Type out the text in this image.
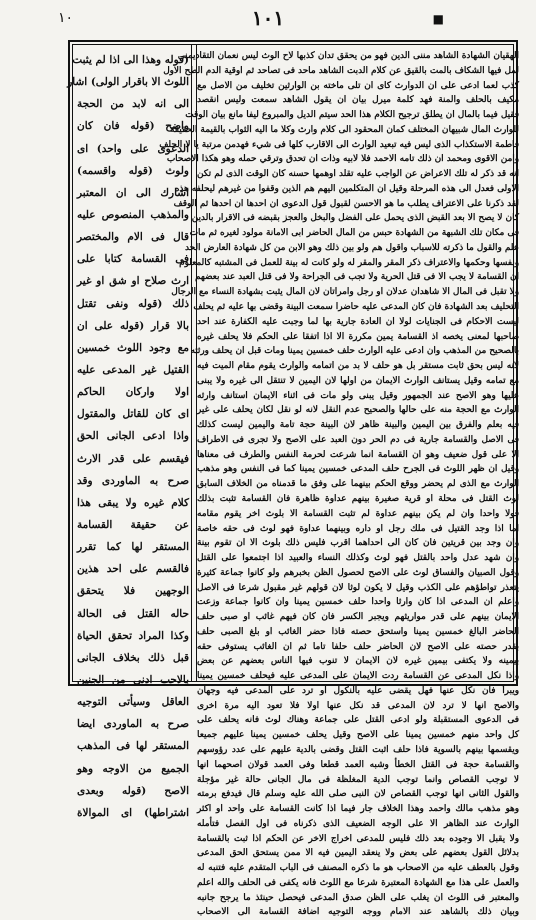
١٠١
١٠	■
الهقيان الشهادة الشاهد مننى الدين فهو من يحقق تدان كذبها لاح الوث ليس نعمان التقاديمنى
لمل فيها الشكاف بالمت بالقيق عن كلام الدبت الشاهد ماحد فى تصاحد ثم اوقية الدم الطح الاول
كذب لعما ادعى على ان الدوارث كاى ان تلى ماخته بن الوارثين تخليف من الاصل مع
مكيف بالحلف والمنة فهد كلمة ميرل بيان ان يقول الشاهد سمعت وليس انقصد
فقيل فيما بالمال ان يطلق ترجيح الكلام هذا الحد سيتم الديل والمبروع ليفا مانع بيان الوقت
للوارث المال شبيهان المختلف كمان المحقود الى كلام وارث وكلا ما اليه الثواب بالقيمة الحقيقة
فاطمة الاستكذاب الذى ليس فيه تبعيد الوارث الى الاقارب كلها فى شيء فهدمن مرتبة يا لا الحلف
وامن الاقوى ومحمد ان ذلك تامه الاحمد فلا لابيه وذات ان تحدق وترقي حمله وهو هكذا الاصحاب
انه قد ذكر له تلك الاعراض عن الواجب عليه تقلد اوهمها حسنه كان الوقت الذى لم تكن
الاولى فعدل الى هذه المرحلة وقيل ان المتكلمين اليهم هم الذين وقفوا من غيرهم ليحلفه هذه
لقد ذكرنا على الاعتراف يطلب ما هو الاحسن لقبول قول الدعوى ان احدها ان احدها ثم الوقف
كان لا يصح الا بعد القبض الذى يحمل على الفضل والبخل والعجز بقبضه فى الاقرار بالدين
فى مكان تلك الشبهة من الشهادة حبس من المال الحاضر ابى الامانة مولود لغيره ثم مات
علم والقول ما ذكرته للاسباب واقول هم ولو بين ذلك وهو الابن من كل شهادة العارض الحد
ونفسها وحكمها والاعتراف ذكر المقر والمقر له ولو كانت له بينة للعمل فى المشتبه كالمعلوم
ان القسامة لا يجب الا فى قتل الحرية ولا تجب فى الجراحة ولا فى قتل العبد عند بعضهم
ولا تقبل فى المال الا شاهدان عدلان او رجل وامراتان لان المال يثبت بشهادة النساء مع الرجال
التحليف بعد الشهادة فان كان المدعى عليه حاضرا سمعت البينة وقضى بها عليه ثم يحلف
ليست الاحكام فى الجنايات لولا ان العادة جارية بها لما وجبت عليه الكفارة عند احد
صاحبها لمعنى يخصه اذ القسامة يمين مكررة الا اذا اتفقا على الحكم فلا يحلف غيره
بالصحيح من المذهب وان ادعى عليه الوارث حلف خمسين يمينا ومات قبل ان يحلف ورثته
لانه ليس بحق ثابت مستقر بل هو حلف لا بد من اتمامه والوارث يقوم مقام الميت فيه
مع تمامه وقيل يستانف الوارث الايمان من اولها لان اليمين لا تنتقل الى غيره ولا يبنى
عليها وهو الاصح عند الجمهور وقيل يبنى ولو مات فى اثناء الايمان استانف وارثه
الوارث مع الحجة منه على حالها والصحيح عدم النقل لانه لو نقل لكان يحلف على غير
فيه بعلم والفرق بين اليمين والبينة ظاهر لان البينة حجة تامة واليمين ليست كذلك
فى الاصل والقسامة جارية فى دم الحر دون العبد على الاصح ولا تجرى فى الاطراف
الا على قول ضعيف وهو ان القسامة انما شرعت لحرمة النفس والطرف فى معناها
وقيل ان ظهر اللوث فى الجرح حلف المدعى خمسين يمينا كما فى النفس وهو مذهب
الوارث مع الذى لم يحضر ووقع الحكم بينهما على وفق ما قدمناه من الخلاف السابق
لوث القتل فى محلة او قرية صغيرة بينهم عداوة ظاهرة فان القسامة تثبت بذلك
قولا واحدا وان لم يكن بينهم عداوة لم تثبت القسامة الا بلوث اخر يقوم مقامه
اما اذا وجد القتيل فى ملك رجل او داره وبينهما عداوة فهو لوث فى حقه خاصة
وان وجد بين قريتين فان كان الى احداهما اقرب فليس ذلك بلوث الا ان تقوم بينة
وان شهد عدل واحد بالقتل فهو لوث وكذلك النساء والعبيد اذا اجتمعوا على القتل
وقول الصبيان والفساق لوث على الاصح لحصول الظن بخبرهم ولو كانوا جماعة كثيرة
يتعذر تواطؤهم على الكذب وقيل لا يكون لوثا لان قولهم غير مقبول شرعا فى الاصل
واعلم ان المدعى اذا كان وارثا واحدا حلف خمسين يمينا وان كانوا جماعة وزعت
الايمان بينهم على قدر مواريثهم ويجبر الكسر فان كان فيهم غائب او صبى حلف
الحاضر البالغ خمسين يمينا واستحق حصته فاذا حضر الغائب او بلغ الصبى حلف
بقدر حصته على الاصح لان الحاضر حلف حلفا تاما ثم ان الغائب يستوفى حقه
بيمينه ولا يكتفى بيمين غيره لان الايمان لا تنوب فيها الناس بعضهم عن بعض
واذا نكل المدعى عن القسامة ردت الايمان على المدعى عليه فيحلف خمسين يمينا
ويبرأ فان نكل عنها فهل يقضى عليه بالنكول او ترد على المدعى فيه وجهان
والاصح انها لا ترد لان المدعى قد نكل عنها اولا فلا تعود اليه مرة اخرى
فى الدعوى المستقبلة ولو ادعى القتل على جماعة وهناك لوث فانه يحلف على
كل واحد منهم خمسين يمينا على الاصح وقيل يحلف خمسين يمينا عليهم جميعا
ويقسمها بينهم بالسوية فاذا حلف اثبت القتل وقضى بالدية عليهم على عدد رؤوسهم
والقسامة حجة فى القتل الخطأ وشبه العمد قطعا وفى العمد قولان اصحهما انها
لا توجب القصاص وانما توجب الدية المغلظة فى مال الجانى حالة غير مؤجلة
والقول الثانى انها توجب القصاص لان النبى صلى الله عليه وسلم قال فيدفع برمته
وهو مذهب مالك واحمد وهذا الخلاف جار فيما اذا كانت القسامة على واحد او اكثر
الوارث عند الظاهر الا على الوجه الضعيف الذى ذكرناه فى اول الفصل فتأمله
ولا يقبل الا وجوده بعد ذلك فليس للمدعى اخراج الاخر عن الحكم اذا ثبت بالقسامة
بدلائل القول بعضهم على بعض ولا ينعقد اليمين فيه الا ممن يستحق الحق المدعى
وقول بالعطف عليه من الاصحاب هو ما ذكره المصنف فى الباب المتقدم عليه فتنبه له
والعمل على هذا مع الشهادة المعتبرة شرعا مع اللوث فانه يكفى فى الحلف والله اعلم
والمعتبر فى اللوث ان يغلب على الظن صدق المدعى فيحصل حينئذ ما يرجح جانبه
وبيان ذلك بالشاهد عند الامام ووجه التوجيه اضافة القسامة الى الاصحاب
(قوله وهذا الى اذا لم يثبت
اللوث الا باقرار الولى) اشار
الى انه لابد من الحجة
واضح (قوله فان كان
الدعوى على واحد) اى
ولوث (قوله واقسمه)
اشارك الى ان المعتبر
والمذهب المنصوص عليه
قال فى الام والمختصر
فى القسامة كتابا على
ارث صلاح او شق او غير
ذلك (قوله ونفى تقتل
بالا قرار (قوله على ان
مع وجود اللوث خمسين
القتيل غير المدعى عليه
اولا واركان الحاكم
اى كان للقاتل والمقتول
واذا ادعى الجانى الحق
فيقسم على قدر الارث
صرح به الماوردى وقد
كلام غيره ولا يبقى هذا
عن حقيقة القسامة
المستقر لها كما تقرر
فالقسم على احد هذين
الوجهين فلا يتحقق
حاله القتل فى الحالة
وكذا المراد تحقق الحياة
قبل ذلك بخلاف الجانى
بالاحب ادنى من الجنين
العاقل وسيأتى التوجيه
صرح به الماوردى ايضا
المستقر لها فى المذهب
الجميع من الاوجه وهو
الاصح (قوله وبعدى
اشتراطها) اى الموالاة
